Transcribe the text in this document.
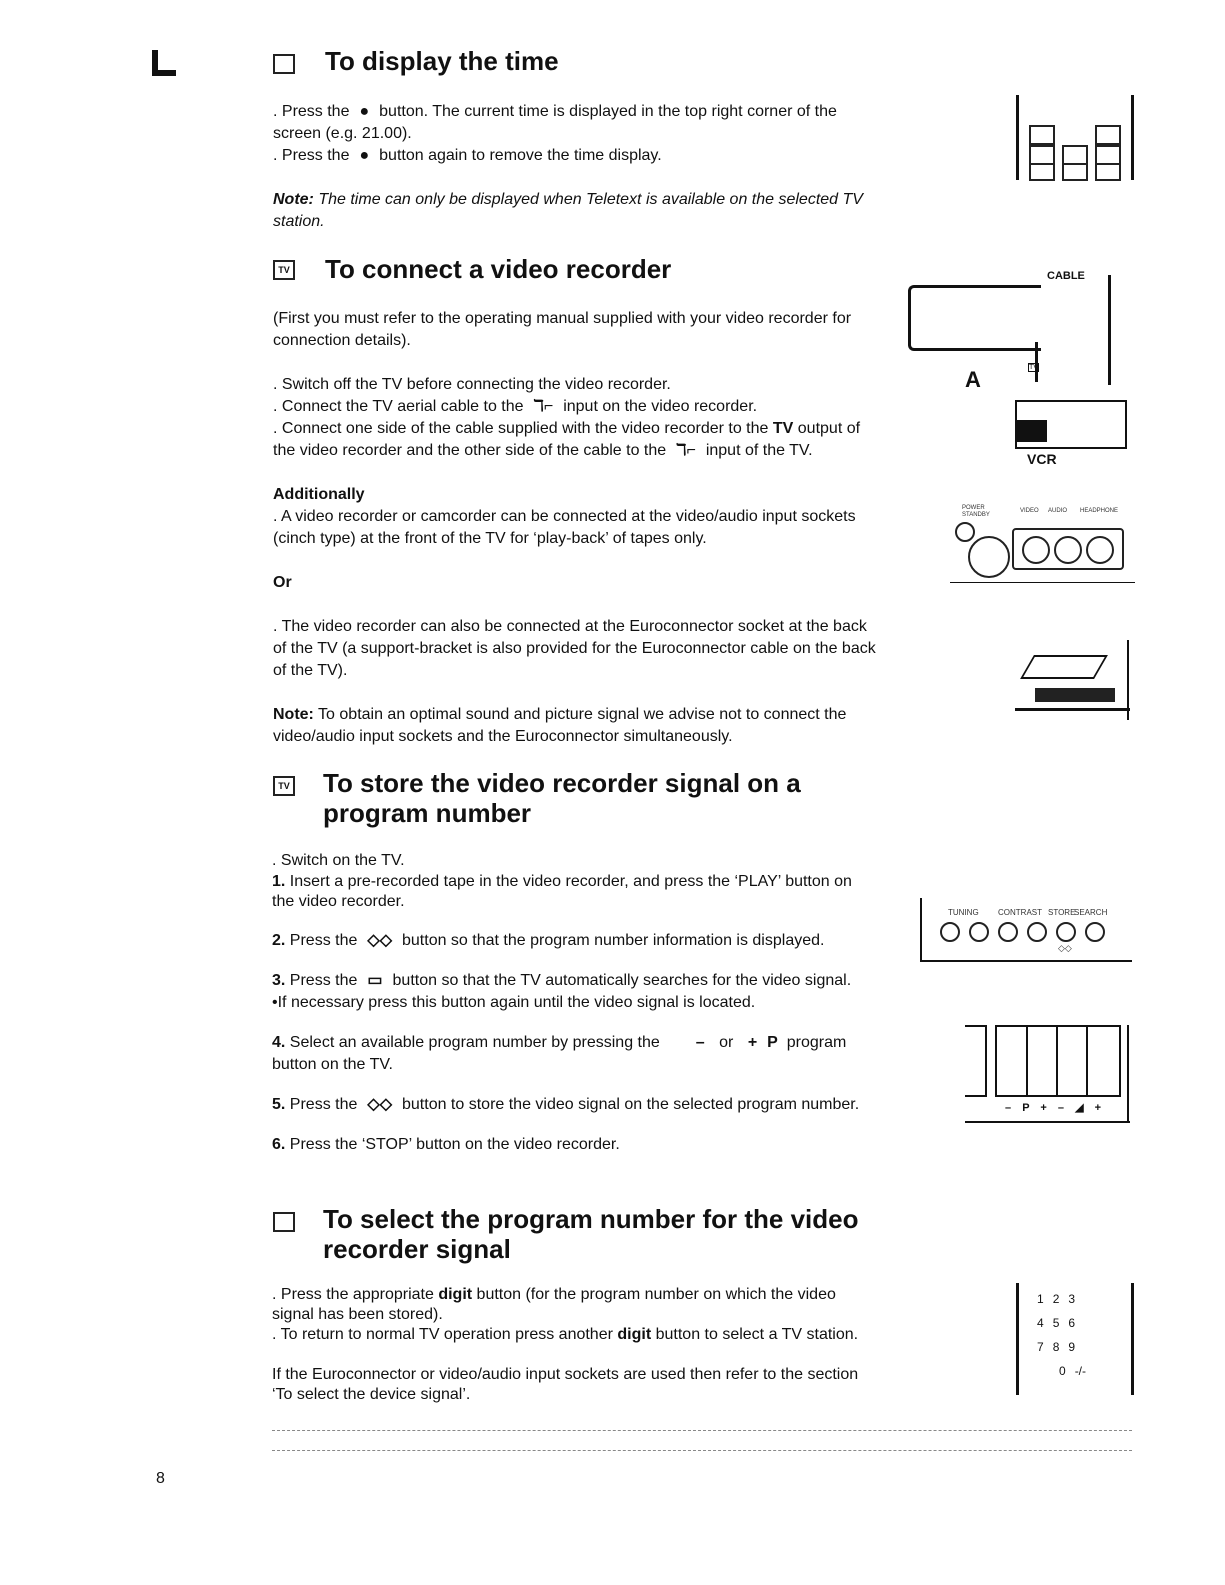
To display the time

. Press the ● button. The current time is displayed in the top right corner of the

screen (e.g. 21.00).

. Press the ● button again to remove the time display.

Note: The time can only be displayed when Teletext is available on the selected TV

station.

TV To connect a video recorder

(First you must refer to the operating manual supplied with your video recorder for

connection details).

. Switch off the TV before connecting the video recorder.

. Connect the TV aerial cable to the ℸ⌐ input on the video recorder.

. Connect one side of the cable supplied with the video recorder to the TV output of

the video recorder and the other side of the cable to the ℸ⌐ input of the TV.

Additionally

. A video recorder or camcorder can be connected at the video/audio input sockets

(cinch type) at the front of the TV for ‘play-back’ of tapes only.

Or

. The video recorder can also be connected at the Euroconnector socket at the back

of the TV (a support-bracket is also provided for the Euroconnector cable on the back

of the TV).

Note: To obtain an optimal sound and picture signal we advise not to connect the

video/audio input sockets and the Euroconnector simultaneously.

TV To store the video recorder signal on a
program number

. Switch on the TV.

1. Insert a pre-recorded tape in the video recorder, and press the ‘PLAY’ button on

the video recorder.

2. Press the ◇◇ button so that the program number information is displayed.

3. Press the ▭ button so that the TV automatically searches for the video signal.

•If necessary press this button again until the video signal is located.

4. Select an available program number by pressing the – or + P program

button on the TV.

5. Press the ◇◇ button to store the video signal on the selected program number.

6. Press the ‘STOP’ button on the video recorder.

To select the program number for the video
recorder signal

. Press the appropriate digit button (for the program number on which the video

signal has been stored).

. To return to normal TV operation press another digit button to select a TV station.

If the Euroconnector or video/audio input sockets are used then refer to the section

‘To select the device signal’.

CABLE
A
VCR
TV
POWER
STANDBY
VIDEO AUDIO HEADPHONE
TUNING CONTRAST STORE
SEARCH
◇◇
– P + – ◢ +
123
456
789
0-/-
8
